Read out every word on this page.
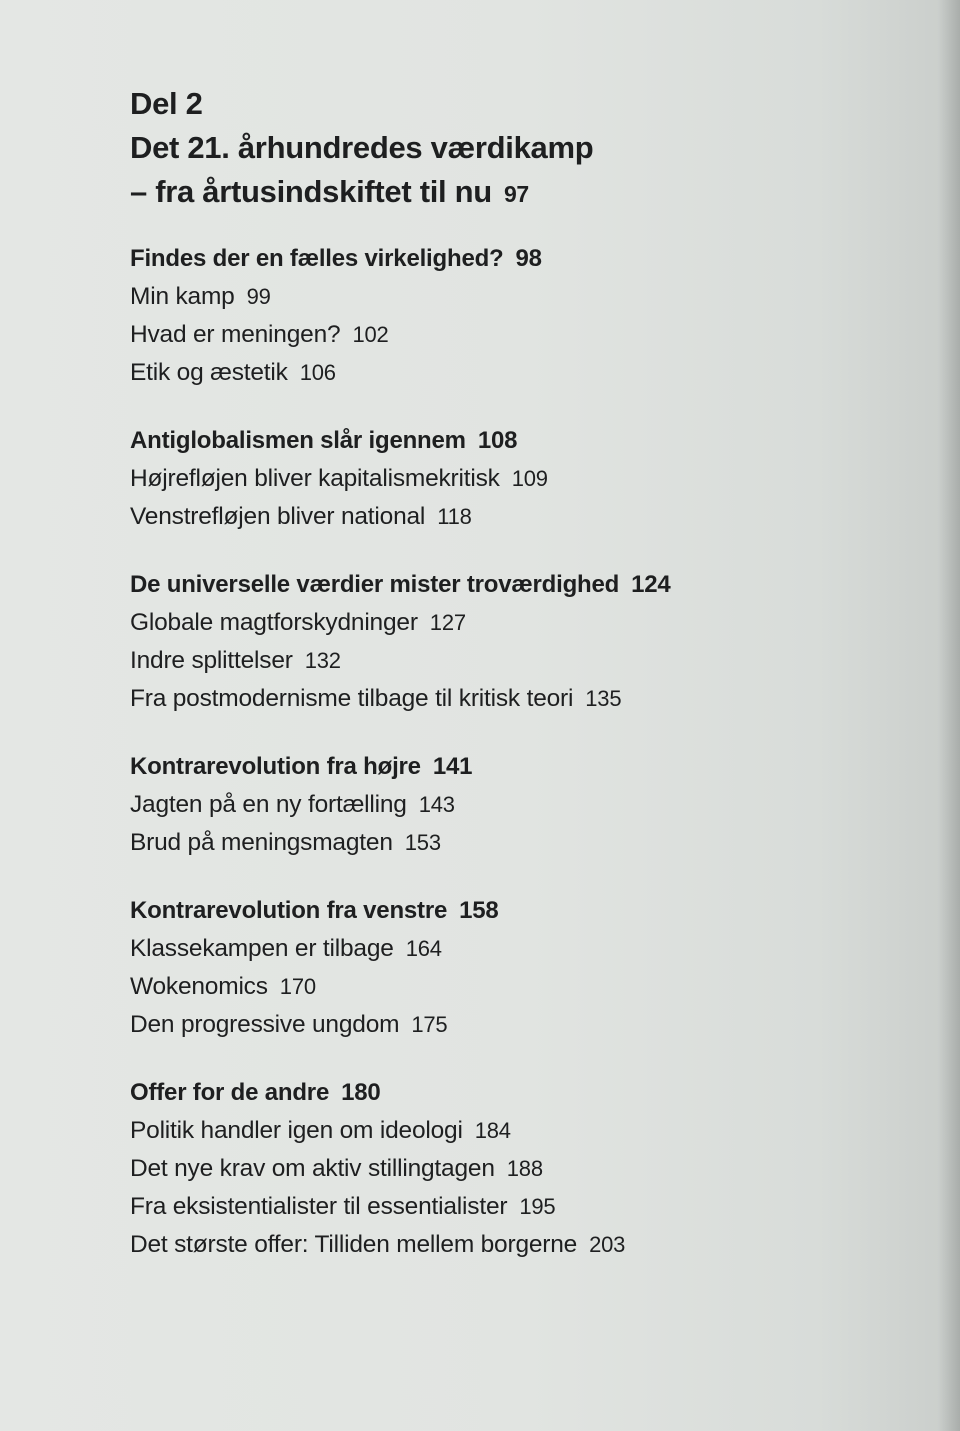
Del 2
Det 21. århundredes værdikamp
– fra årtusindskiftet til nu 97
Findes der en fælles virkelighed? 98
Min kamp 99
Hvad er meningen? 102
Etik og æstetik 106
Antiglobalismen slår igennem 108
Højrefløjen bliver kapitalismekritisk 109
Venstrefløjen bliver national 118
De universelle værdier mister troværdighed 124
Globale magtforskydninger 127
Indre splittelser 132
Fra postmodernisme tilbage til kritisk teori 135
Kontrarevolution fra højre 141
Jagten på en ny fortælling 143
Brud på meningsmagten 153
Kontrarevolution fra venstre 158
Klassekampen er tilbage 164
Wokenomics 170
Den progressive ungdom 175
Offer for de andre 180
Politik handler igen om ideologi 184
Det nye krav om aktiv stillingtagen 188
Fra eksistentialister til essentialister 195
Det største offer: Tilliden mellem borgerne 203
